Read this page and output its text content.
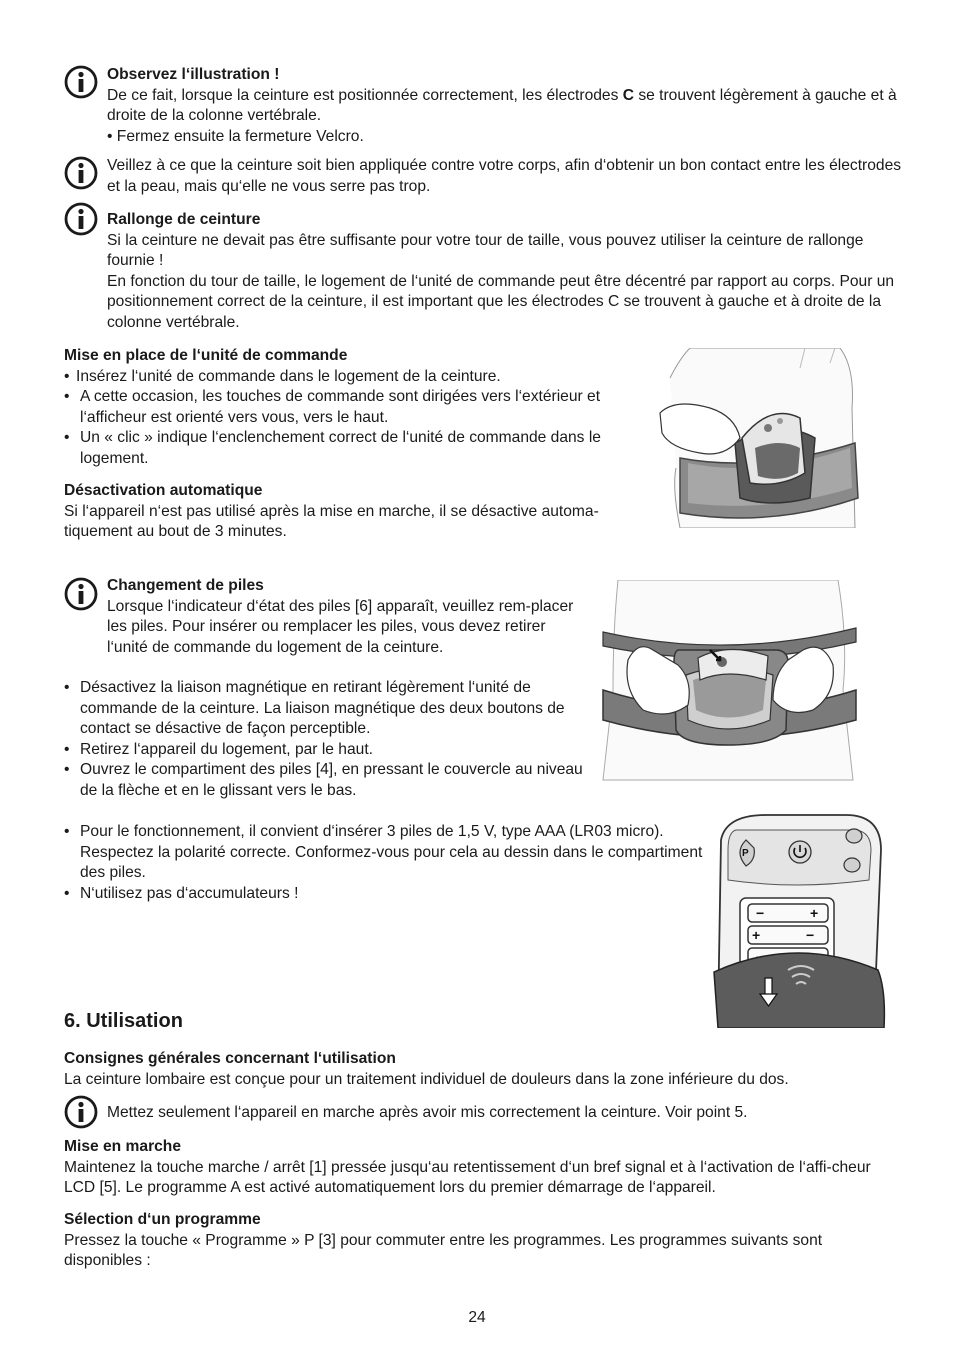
Observez l‘illustration !

De ce fait, lorsque la ceinture est positionnée correctement, les électrodes C se trouvent légèrement à gauche et à droite de la colonne vertébrale.

• Fermez ensuite la fermeture Velcro.

Veillez à ce que la ceinture soit bien appliquée contre votre corps, afin d‘obtenir un bon contact entre les électrodes et la peau, mais qu‘elle ne vous serre pas trop.

Rallonge de ceinture

Si la ceinture ne devait pas être suffisante pour votre tour de taille, vous pouvez utiliser la ceinture de rallonge fournie !

En fonction du tour de taille, le logement de l‘unité de commande peut être décentré par rapport au corps. Pour un positionnement correct de la ceinture, il est important que les électrodes C se trouvent à gauche et à droite de la colonne vertébrale.

Mise en place de l‘unité de commande

• Insérez l‘unité de commande dans le logement de la ceinture.
• A cette occasion, les touches de commande sont dirigées vers l‘extérieur et l‘afficheur est orienté vers vous, vers le haut.
• Un « clic » indique l‘enclenchement correct de l‘unité de commande dans le logement.

Désactivation automatique

Si l‘appareil n‘est pas utilisé après la mise en marche, il se désactive automa-tiquement au bout de 3 minutes.

Changement de piles

Lorsque l‘indicateur d‘état des piles [6] apparaît, veuillez rem-placer les piles. Pour insérer ou remplacer les piles, vous devez retirer l‘unité de commande du logement de la ceinture.

• Désactivez la liaison magnétique en retirant légèrement l‘unité de commande de la ceinture. La liaison magnétique des deux boutons de contact se désactive de façon perceptible.
• Retirez l‘appareil du logement, par le haut.
• Ouvrez le compartiment des piles [4], en pressant le couvercle au niveau de la flèche et en le glissant vers le bas.
• Pour le fonctionnement, il convient d‘insérer 3 piles de 1,5 V, type AAA (LR03 micro). Respectez la polarité correcte. Conformez-vous pour cela au dessin dans le compartiment des piles.
• N‘utilisez pas d‘accumulateurs !
P
−	+
+	−
6. Utilisation

Consignes générales concernant l‘utilisation

La ceinture lombaire est conçue pour un traitement individuel de douleurs dans la zone inférieure du dos.

Mettez seulement l‘appareil en marche après avoir mis correctement la ceinture. Voir point 5.

Mise en marche

Maintenez la touche marche / arrêt [1] pressée jusqu‘au retentissement d‘un bref signal et à l‘activation de l‘affi-cheur LCD [5]. Le programme A est activé automatiquement lors du premier démarrage de l‘appareil.

Sélection d‘un programme

Pressez la touche « Programme » P [3] pour commuter entre les programmes. Les programmes suivants sont disponibles :

24
